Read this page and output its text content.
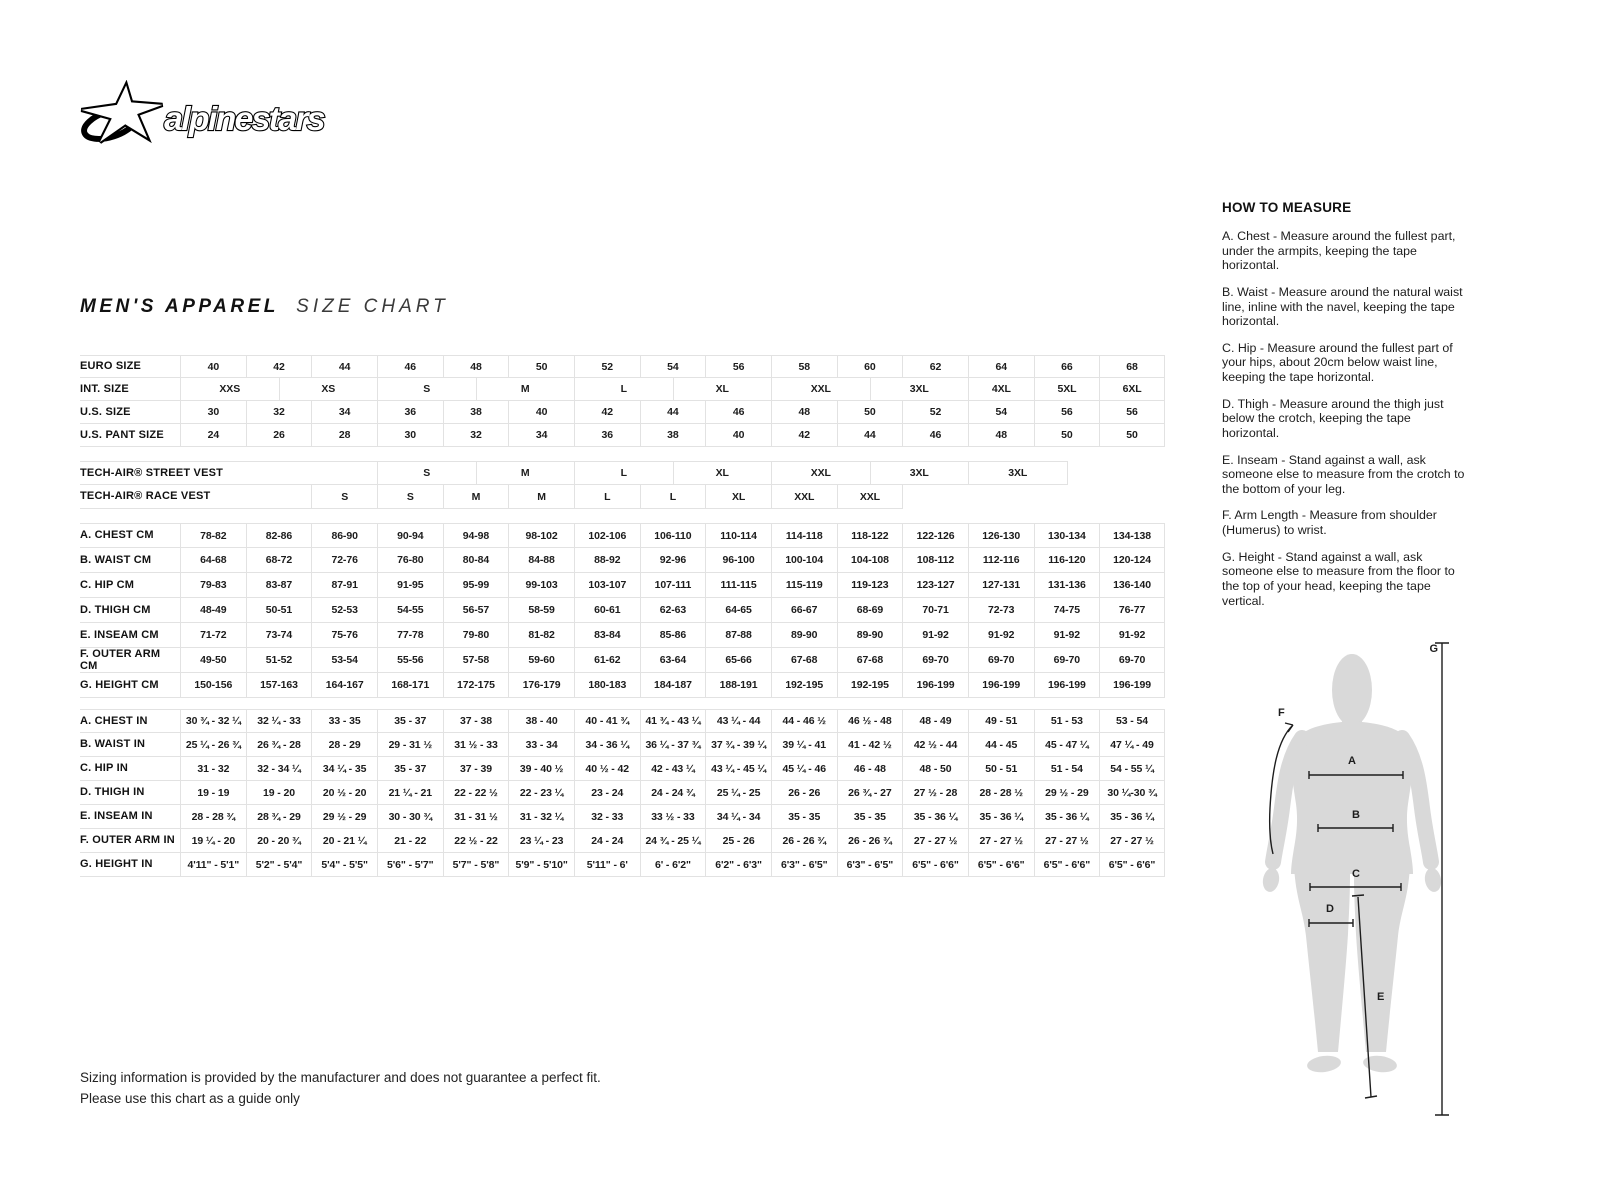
alpinestars
MEN'S APPAREL SIZE CHART
EURO SIZE	40	42	44	46	48	50	52	54	56	58	60	62	64	66	68
INT. SIZE	XXS	XS	S	M	L	XL	XXL	3XL	4XL	5XL	6XL
U.S. SIZE	30	32	34	36	38	40	42	44	46	48	50	52	54	56	56
U.S. PANT SIZE	24	26	28	30	32	34	36	38	40	42	44	46	48	50	50
TECH-AIR® STREET VEST	S	M	L	XL	XXL	3XL	3XL
TECH-AIR® RACE VEST	S	S	M	M	L	L	XL	XXL	XXL
A. CHEST CM	78-82	82-86	86-90	90-94	94-98	98-102	102-106	106-110	110-114	114-118	118-122	122-126	126-130	130-134	134-138
B. WAIST CM	64-68	68-72	72-76	76-80	80-84	84-88	88-92	92-96	96-100	100-104	104-108	108-112	112-116	116-120	120-124
C. HIP CM	79-83	83-87	87-91	91-95	95-99	99-103	103-107	107-111	111-115	115-119	119-123	123-127	127-131	131-136	136-140
D. THIGH CM	48-49	50-51	52-53	54-55	56-57	58-59	60-61	62-63	64-65	66-67	68-69	70-71	72-73	74-75	76-77
E. INSEAM CM	71-72	73-74	75-76	77-78	79-80	81-82	83-84	85-86	87-88	89-90	89-90	91-92	91-92	91-92	91-92
F. OUTER ARM CM	49-50	51-52	53-54	55-56	57-58	59-60	61-62	63-64	65-66	67-68	67-68	69-70	69-70	69-70	69-70
G. HEIGHT CM	150-156	157-163	164-167	168-171	172-175	176-179	180-183	184-187	188-191	192-195	192-195	196-199	196-199	196-199	196-199
A. CHEST IN	30 ¾ - 32 ¼	32 ¼ - 33	33 - 35	35 - 37	37 - 38	38 - 40	40 - 41 ¾	41 ¾ - 43 ¼	43 ¼ - 44	44 - 46 ½	46 ½ - 48	48 - 49	49 - 51	51 - 53	53 - 54
B. WAIST IN	25 ¼ - 26 ¾	26 ¾ - 28	28 - 29	29 - 31 ½	31 ½ - 33	33 - 34	34 - 36 ¼	36 ¼ - 37 ¾	37 ¾ - 39 ¼	39 ¼ - 41	41 - 42 ½	42 ½ - 44	44 - 45	45 - 47 ¼	47 ¼ - 49
C. HIP IN	31 - 32	32 - 34 ¼	34 ¼ - 35	35 - 37	37 - 39	39 - 40 ½	40 ½ - 42	42 - 43 ¼	43 ¼ - 45 ¼	45 ¼ - 46	46 - 48	48 - 50	50 - 51	51 - 54	54 - 55 ¼
D. THIGH IN	19 - 19	19 - 20	20 ½ - 20	21 ¼ - 21	22 - 22 ½	22 - 23 ¼	23 - 24	24 - 24 ¾	25 ¼ - 25	26 - 26	26 ¾ - 27	27 ½ - 28	28 - 28 ½	29 ½ - 29	30 ¼-30 ¾
E. INSEAM IN	28 - 28 ¾	28 ¾ - 29	29 ½ - 29	30 - 30 ¾	31 - 31 ½	31 - 32 ¼	32 - 33	33 ½ - 33	34 ¼ - 34	35 - 35	35 - 35	35 - 36 ¼	35 - 36 ¼	35 - 36 ¼	35 - 36 ¼
F. OUTER ARM IN	19 ¼ - 20	20 - 20 ¾	20 - 21 ¼	21 - 22	22 ½ - 22	23 ¼ - 23	24 - 24	24 ¾ - 25 ¼	25 - 26	26 - 26 ¾	26 - 26 ¾	27 - 27 ½	27 - 27 ½	27 - 27 ½	27 - 27 ½
G. HEIGHT IN	4'11" - 5'1"	5'2" - 5'4"	5'4" - 5'5"	5'6" - 5'7"	5'7" - 5'8"	5'9" - 5'10"	5'11" - 6'	6' - 6'2"	6'2" - 6'3"	6'3" - 6'5"	6'3" - 6'5"	6'5" - 6'6"	6'5" - 6'6"	6'5" - 6'6"	6'5" - 6'6"
Sizing information is provided by the manufacturer and does not guarantee a perfect fit.
Please use this chart as a guide only
HOW TO MEASURE

A. Chest - Measure around the fullest part, under the armpits, keeping the tape horizontal.

B. Waist - Measure around the natural waist line, inline with the navel, keeping the tape horizontal.

C. Hip - Measure around the fullest part of your hips, about 20cm below waist line, keeping the tape horizontal.

D. Thigh - Measure around the thigh just below the crotch, keeping the tape horizontal.

E. Inseam - Stand against a wall, ask someone else to measure from the crotch to the bottom of your leg.

F. Arm Length - Measure from shoulder (Humerus) to wrist.

G. Height - Stand against a wall, ask someone else to measure from the floor to the top of your head, keeping the tape vertical.

A
B
C
D
E
F
G
